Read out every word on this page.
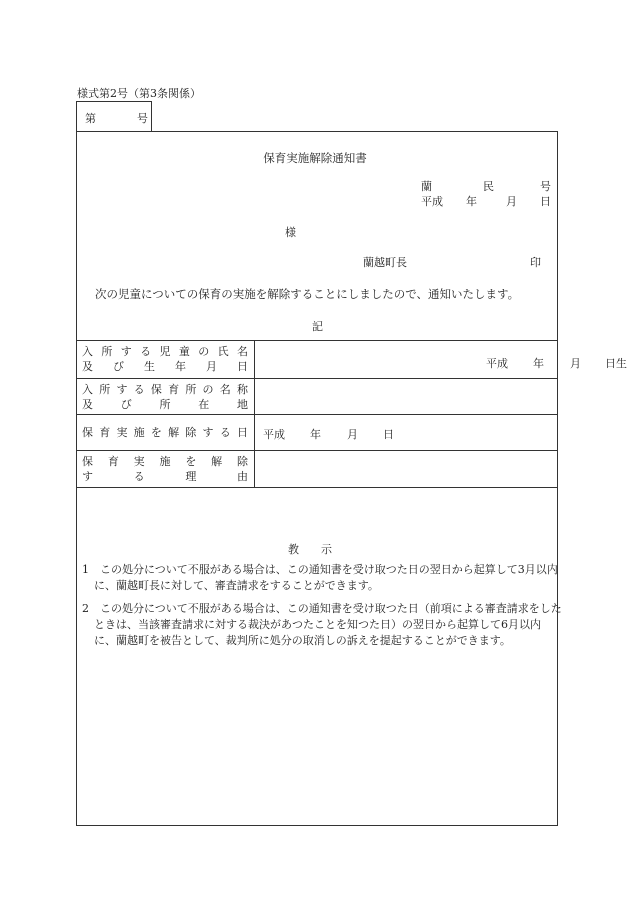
様式第2号（第3条関係）
第	号
保育実施解除通知書
蘭	民	号
平成 年	月 日
様
蘭越町長	印
次の児童についての保育の実施を解除することにしましたので、通知いたします。
記
入 所 す る 児 童 の 氏 名
及 び 生 年 月 日	平成 年 月 日生
入 所 す る 保 育 所 の 名 称
及	び	所	在	地
保 育 実 施 を 解 除 す る 日 平成 年 月 日
保 育 実 施 を 解 除
す	る	理	由
教　　示
1　この処分について不服がある場合は、この通知書を受け取つた日の翌日から起算して3月以内に、蘭越町長に対して、審査請求をすることができます。
2　この処分について不服がある場合は、この通知書を受け取つた日（前項による審査請求をしたときは、当該審査請求に対する裁決があつたことを知つた日）の翌日から起算して6月以内に、蘭越町を被告として、裁判所に処分の取消しの訴えを提起することができます。
